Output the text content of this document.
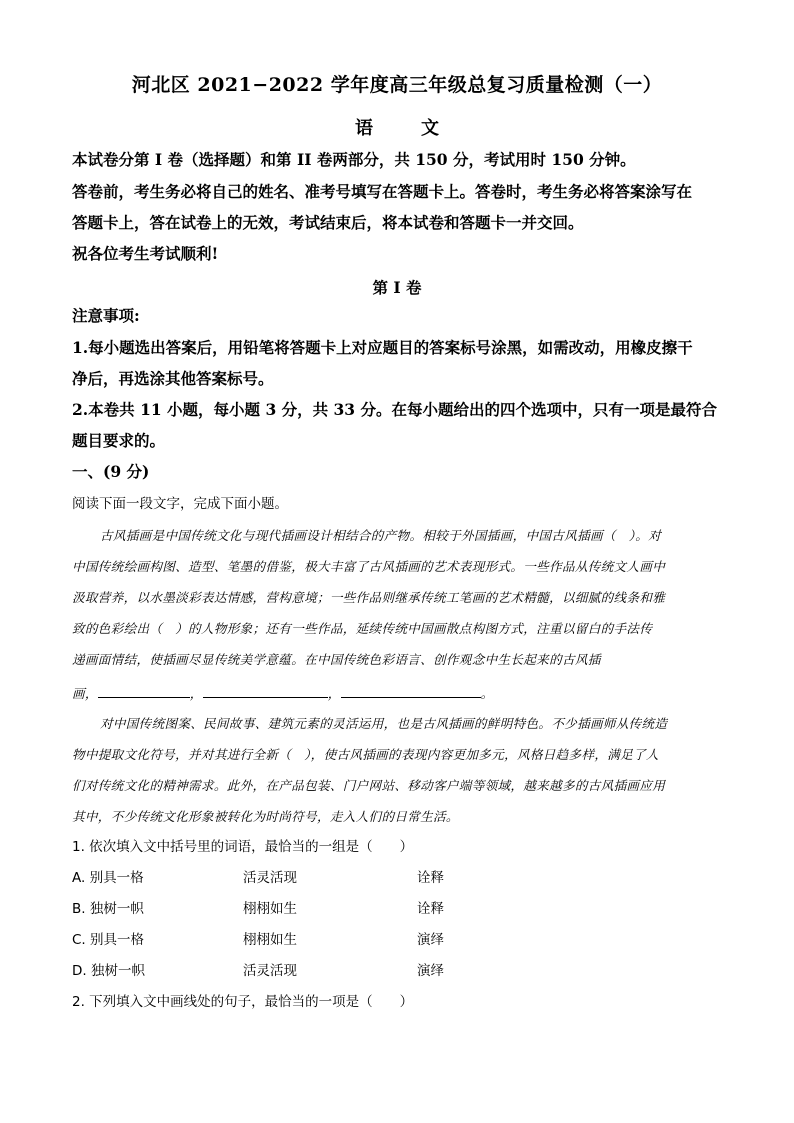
河北区 2021−2022 学年度高三年级总复习质量检测（一）
语	文
本试卷分第 I 卷（选择题）和第 II 卷两部分，共 150 分，考试用时 150 分钟。
答卷前，考生务必将自己的姓名、准考号填写在答题卡上。答卷时，考生务必将答案涂写在
答题卡上，答在试卷上的无效，考试结束后，将本试卷和答题卡一并交回。
祝各位考生考试顺利!
第 I 卷
注意事项:
1.每小题选出答案后，用铅笔将答题卡上对应题目的答案标号涂黑，如需改动，用橡皮擦干
净后，再选涂其他答案标号。
2.本卷共 11 小题，每小题 3 分，共 33 分。在每小题给出的四个选项中，只有一项是最符合
题目要求的。
一、(9 分)
阅读下面一段文字，完成下面小题。
古风插画是中国传统文化与现代插画设计相结合的产物。相较于外国插画，中国古风插画（　）。对
中国传统绘画构图、造型、笔墨的借鉴，极大丰富了古风插画的艺术表现形式。一些作品从传统文人画中
汲取营养，以水墨淡彩表达情感，营构意境；一些作品则继承传统工笔画的艺术精髓，以细腻的线条和雅
致的色彩绘出（　）的人物形象；还有一些作品，延续传统中国画散点构图方式，注重以留白的手法传
递画面情结，使插画尽显传统美学意蕴。在中国传统色彩语言、创作观念中生长起来的古风插
画，	，	，	。
对中国传统图案、民间故事、建筑元素的灵活运用，也是古风插画的鲜明特色。不少插画师从传统造
物中提取文化符号，并对其进行全新（　），使古风插画的表现内容更加多元，风格日趋多样，满足了人
们对传统文化的精神需求。此外，在产品包装、门户网站、移动客户端等领域，越来越多的古风插画应用
其中，不少传统文化形象被转化为时尚符号，走入人们的日常生活。
1. 依次填入文中括号里的词语，最恰当的一组是（　　）
A. 别具一格	活灵活现	诠释
B. 独树一帜	栩栩如生	诠释
C. 别具一格	栩栩如生	演绎
D. 独树一帜	活灵活现	演绎
2. 下列填入文中画线处的句子，最恰当的一项是（　　）
